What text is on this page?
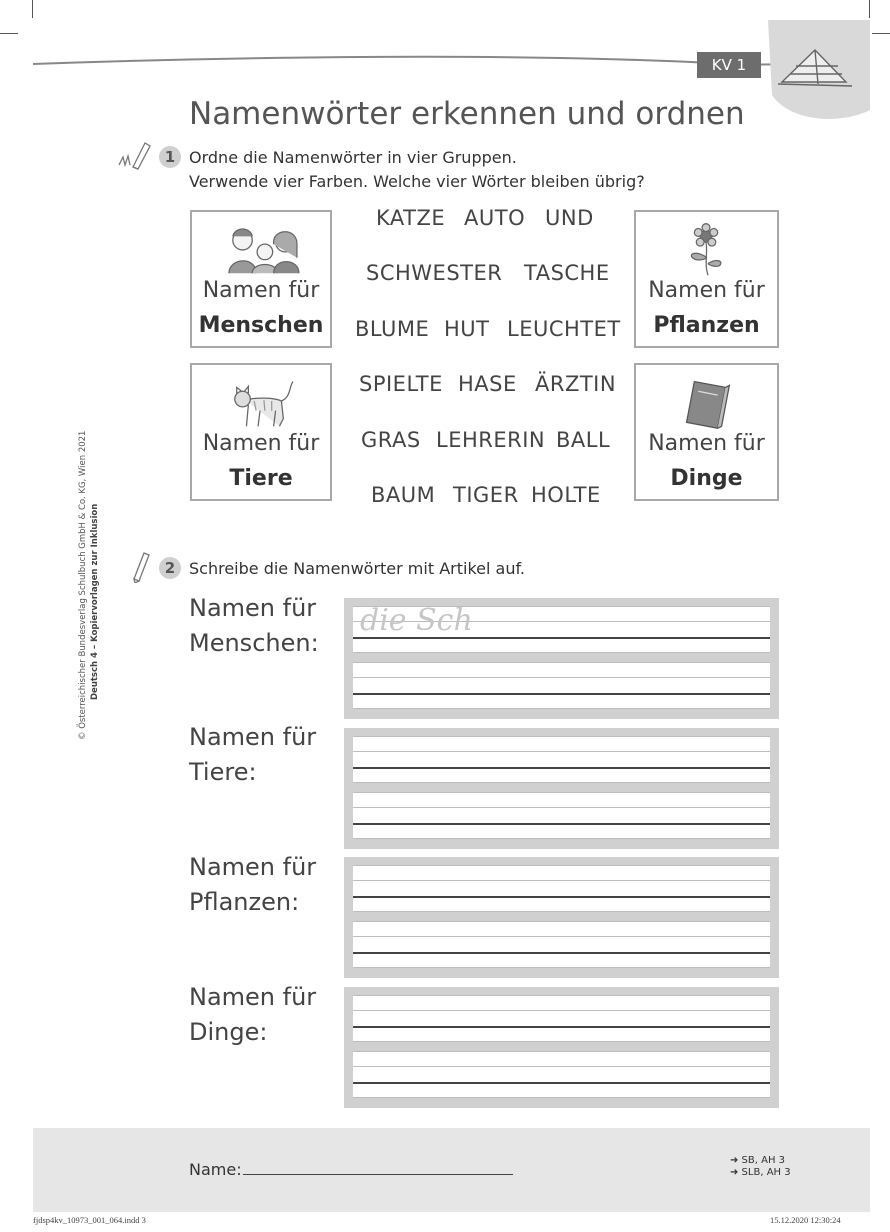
KV 1
Namenwörter erkennen und ordnen
1 Ordne die Namenwörter in vier Gruppen.
Verwende vier Farben. Welche vier Wörter bleiben übrig?
Namen für
Menschen
Namen für
Pflanzen
Namen für
Tiere
Namen für
Dinge
KATZE AUTO UND
SCHWESTER TASCHE
BLUME HUT LEUCHTET
SPIELTE HASE ÄRZTIN
GRAS LEHRERIN BALL
BAUM TIGER HOLTE
2 Schreibe die Namenwörter mit Artikel auf.
Namen für
Menschen:
Namen für
Tiere:
Namen für
Pflanzen:
Namen für
Dinge:
die Sch
© Österreichischer Bundesverlag Schulbuch GmbH & Co. KG, Wien 2021 Deutsch 4 – Kopiervorlagen zur Inklusion
Name:	➜ SB, AH 3
➜ SLB, AH 3
fjdsp4kv_10973_001_064.indd 3	15.12.2020 12:30:24
